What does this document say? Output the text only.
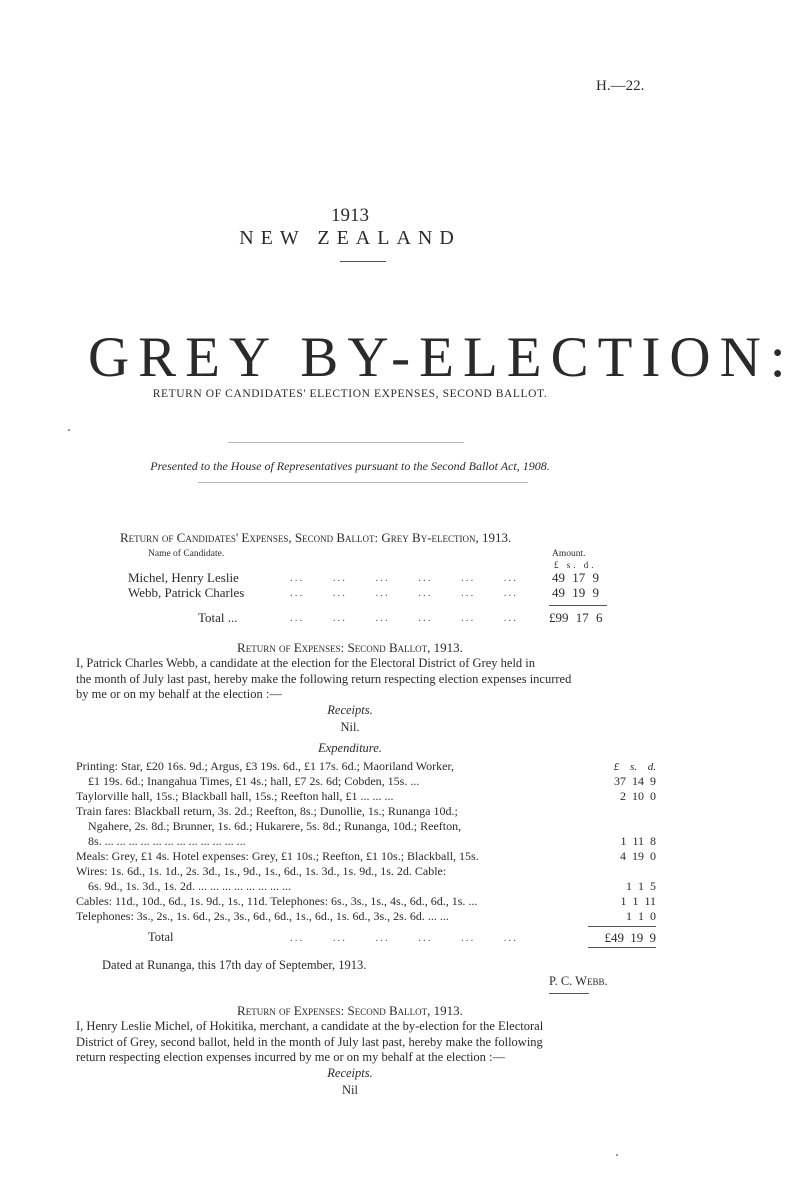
H.—22.
1913
NEW ZEALAND
GREY BY-ELECTION:
RETURN OF CANDIDATES' ELECTION EXPENSES, SECOND BALLOT.
Presented to the House of Representatives pursuant to the Second Ballot Act, 1908.
Return of Candidates' Expenses, Second Ballot: Grey By-election, 1913.
Name of Candidate.	Amount.
£ s. d.
Michel, Henry Leslie	...      ...      ...      ...      ...      ...	49 17 9
Webb, Patrick Charles	...      ...      ...      ...      ...      ...	49 19 9
Total ...	...      ...      ...      ...      ...      ... £99 17 6
Return of Expenses: Second Ballot, 1913.
I, Patrick Charles Webb, a candidate at the election for the Electoral District of Grey held in
the month of July last past, hereby make the following return respecting election expenses incurred
by me or on my behalf at the election :—
Receipts.
Nil.
Expenditure.
£ s. d.
Printing: Star, £20 16s. 9d.; Argus, £3 19s. 6d., £1 17s. 6d.; Maoriland Worker,
£1 19s. 6d.; Inangahua Times, £1 4s.; hall, £7 2s. 6d; Cobden, 15s. ...	37 14 9
Taylorville hall, 15s.; Blackball hall, 15s.; Reefton hall, £1 ... ... ...	2 10 0
Train fares: Blackball return, 3s. 2d.; Reefton, 8s.; Dunollie, 1s.; Runanga 10d.;
Ngahere, 2s. 8d.; Brunner, 1s. 6d.; Hukarere, 5s. 8d.; Runanga, 10d.; Reefton,
8s. ... ... ... ... ... ... ... ... ... ... ... ...	1 11 8
Meals: Grey, £1 4s. Hotel expenses: Grey, £1 10s.; Reefton, £1 10s.; Blackball, 15s.	4 19 0
Wires: 1s. 6d., 1s. 1d., 2s. 3d., 1s., 9d., 1s., 6d., 1s. 3d., 1s. 9d., 1s. 2d. Cable:
6s. 9d., 1s. 3d., 1s. 2d. ... ... ... ... ... ... ... ...	1 1 5
Cables: 11d., 10d., 6d., 1s. 9d., 1s., 11d. Telephones: 6s., 3s., 1s., 4s., 6d., 6d., 1s. ...	1 1 11
Telephones: 3s., 2s., 1s. 6d., 2s., 3s., 6d., 6d., 1s., 6d., 1s. 6d., 3s., 2s. 6d. ... ...	1 1 0
Total	...      ...      ...      ...      ...      ...	£49 19 9
Dated at Runanga, this 17th day of September, 1913.
P. C. Webb.
Return of Expenses: Second Ballot, 1913.
I, Henry Leslie Michel, of Hokitika, merchant, a candidate at the by-election for the Electoral
District of Grey, second ballot, held in the month of July last past, hereby make the following
return respecting election expenses incurred by me or on my behalf at the election :—
Receipts.
Nil
